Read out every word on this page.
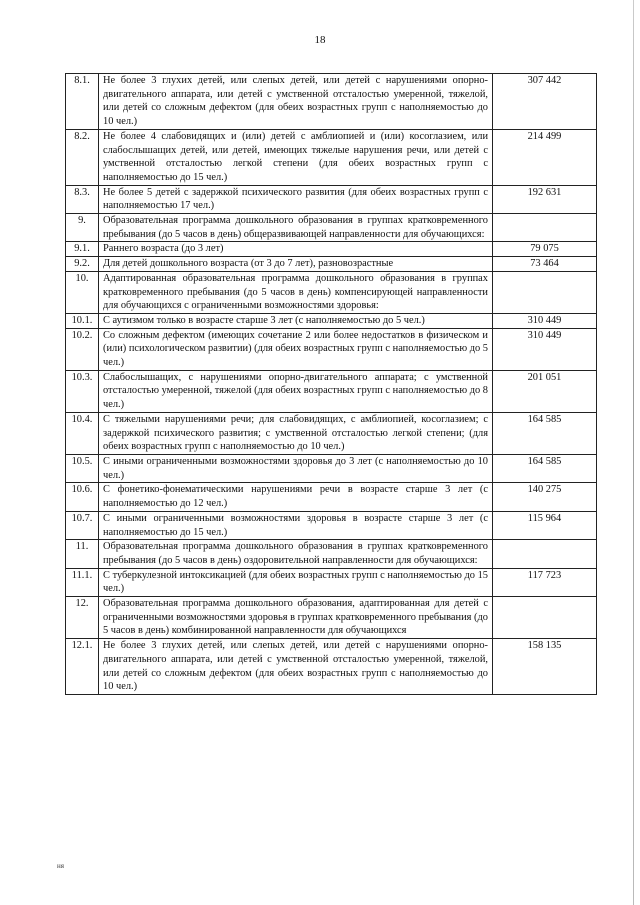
18
8.1.	Не более 3 глухих детей, или слепых детей, или детей с нарушениями опорно-двигательного аппарата, или детей с умственной отсталостью умеренной, тяжелой, или детей со сложным дефектом (для обеих возрастных групп с наполняемостью до 10 чел.)	307 442
8.2.	Не более 4 слабовидящих и (или) детей с амблиопией и (или) косоглазием, или слабослышащих детей, или детей, имеющих тяжелые нарушения речи, или детей с умственной отсталостью легкой степени (для обеих возрастных групп с наполняемостью до 15 чел.)	214 499
8.3.	Не более 5 детей с задержкой психического развития (для обеих возрастных групп с наполняемостью 17 чел.)	192 631
9.	Образовательная программа дошкольного образования в группах кратковременного пребывания (до 5 часов в день) общеразвивающей направленности для обучающихся:	
9.1.	Раннего возраста (до 3 лет)	79 075
9.2.	Для детей дошкольного возраста (от 3 до 7 лет), разновозрастные	73 464
10.	Адаптированная образовательная программа дошкольного образования в группах кратковременного пребывания (до 5 часов в день) компенсирующей направленности для обучающихся с ограниченными возможностями здоровья:	
10.1.	С аутизмом только в возрасте старше 3 лет (с наполняемостью до 5 чел.)	310 449
10.2.	Со сложным дефектом (имеющих сочетание 2 или более недостатков в физическом и (или) психологическом развитии) (для обеих возрастных групп с наполняемостью до 5 чел.)	310 449
10.3.	Слабослышащих, с нарушениями опорно-двигательного аппарата; с умственной отсталостью умеренной, тяжелой (для обеих возрастных групп с наполняемостью до 8 чел.)	201 051
10.4.	С тяжелыми нарушениями речи; для слабовидящих, с амблиопией, косоглазием; с задержкой психического развития; с умственной отсталостью легкой степени; (для обеих возрастных групп с наполняемостью до 10 чел.)	164 585
10.5.	С иными ограниченными возможностями здоровья до 3 лет (с наполняемостью до 10 чел.)	164 585
10.6.	С фонетико-фонематическими нарушениями речи в возрасте старше 3 лет (с наполняемостью до 12 чел.)	140 275
10.7.	С иными ограниченными возможностями здоровья в возрасте старше 3 лет (с наполняемостью до 15 чел.)	115 964
11.	Образовательная программа дошкольного образования в группах кратковременного пребывания (до 5 часов в день) оздоровительной направленности для обучающихся:	
11.1.	С туберкулезной интоксикацией (для обеих возрастных групп с наполняемостью до 15 чел.)	117 723
12.	Образовательная программа дошкольного образования, адаптированная для детей с ограниченными возможностями здоровья в группах кратковременного пребывания (до 5 часов в день) комбинированной направленности для обучающихся	
12.1.	Не более 3 глухих детей, или слепых детей, или детей с нарушениями опорно-двигательного аппарата, или детей с умственной отсталостью умеренной, тяжелой, или детей со сложным дефектом (для обеих возрастных групп с наполняемостью до 10 чел.)	158 135
ня
